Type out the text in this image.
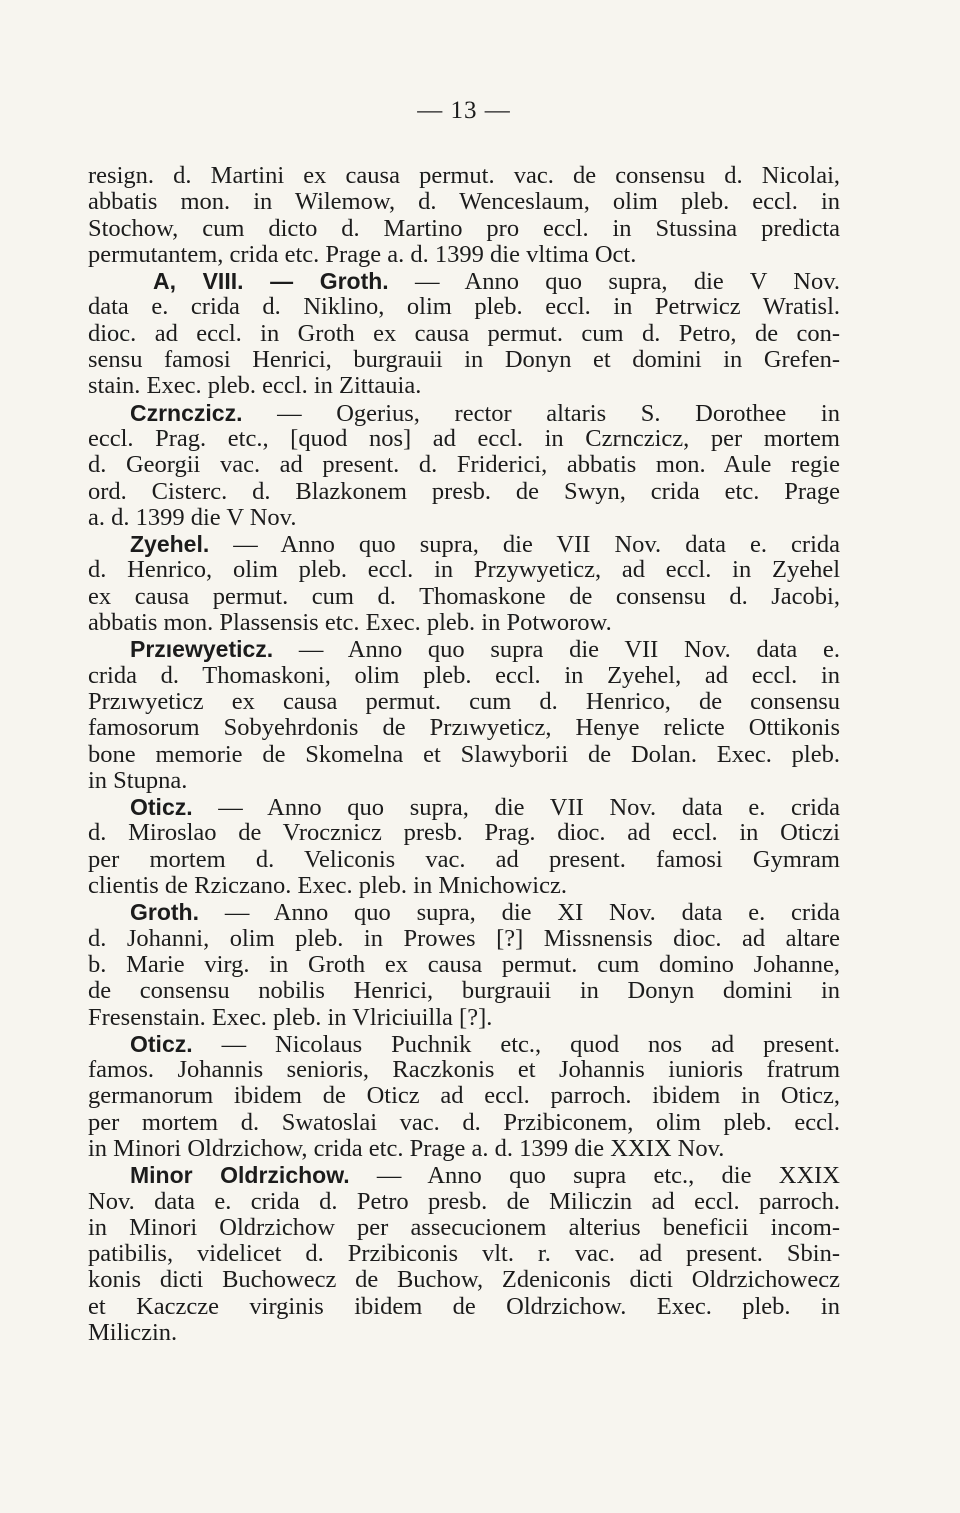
— 13 —
resign. d. Martini ex causa permut. vac. de consensu d. Nicolai,
abbatis mon. in Wilemow, d. Wenceslaum, olim pleb. eccl. in
Stochow, cum dicto d. Martino pro eccl. in Stussina predicta
permutantem, crida etc. Prage a. d. 1399 die vltima Oct.
A, VIII. — Groth. — Anno quo supra, die V Nov.
data e. crida d. Niklino, olim pleb. eccl. in Petrwicz Wratisl.
dioc. ad eccl. in Groth ex causa permut. cum d. Petro, de con-
sensu famosi Henrici, burgrauii in Donyn et domini in Grefen-
stain. Exec. pleb. eccl. in Zittauia.
Czrnczicz. — Ogerius, rector altaris S. Dorothee in
eccl. Prag. etc., [quod nos] ad eccl. in Czrnczicz, per mortem
d. Georgii vac. ad present. d. Friderici, abbatis mon. Aule regie
ord. Cisterc. d. Blazkonem presb. de Swyn, crida etc. Prage
a. d. 1399 die V Nov.
Zyehel. — Anno quo supra, die VII Nov. data e. crida
d. Henrico, olim pleb. eccl. in Przywyeticz, ad eccl. in Zyehel
ex causa permut. cum d. Thomaskone de consensu d. Jacobi,
abbatis mon. Plassensis etc. Exec. pleb. in Potworow.
Przıewyeticz. — Anno quo supra die VII Nov. data e.
crida d. Thomaskoni, olim pleb. eccl. in Zyehel, ad eccl. in
Przıwyeticz ex causa permut. cum d. Henrico, de consensu
famosorum Sobyehrdonis de Przıwyeticz, Henye relicte Ottikonis
bone memorie de Skomelna et Slawyborii de Dolan. Exec. pleb.
in Stupna.
Oticz. — Anno quo supra, die VII Nov. data e. crida
d. Miroslao de Vrocznicz presb. Prag. dioc. ad eccl. in Oticzi
per mortem d. Veliconis vac. ad present. famosi Gymram
clientis de Rziczano. Exec. pleb. in Mnichowicz.
Groth. — Anno quo supra, die XI Nov. data e. crida
d. Johanni, olim pleb. in Prowes [?] Missnensis dioc. ad altare
b. Marie virg. in Groth ex causa permut. cum domino Johanne,
de consensu nobilis Henrici, burgrauii in Donyn domini in
Fresenstain. Exec. pleb. in Vlriciuilla [?].
Oticz. — Nicolaus Puchnik etc., quod nos ad present.
famos. Johannis senioris, Raczkonis et Johannis iunioris fratrum
germanorum ibidem de Oticz ad eccl. parroch. ibidem in Oticz,
per mortem d. Swatoslai vac. d. Przibiconem, olim pleb. eccl.
in Minori Oldrzichow, crida etc. Prage a. d. 1399 die XXIX Nov.
Minor Oldrzichow. — Anno quo supra etc., die XXIX
Nov. data e. crida d. Petro presb. de Miliczin ad eccl. parroch.
in Minori Oldrzichow per assecucionem alterius beneficii incom-
patibilis, videlicet d. Przibiconis vlt. r. vac. ad present. Sbin-
konis dicti Buchowecz de Buchow, Zdeniconis dicti Oldrzichowecz
et Kaczcze virginis ibidem de Oldrzichow. Exec. pleb. in
Miliczin.
